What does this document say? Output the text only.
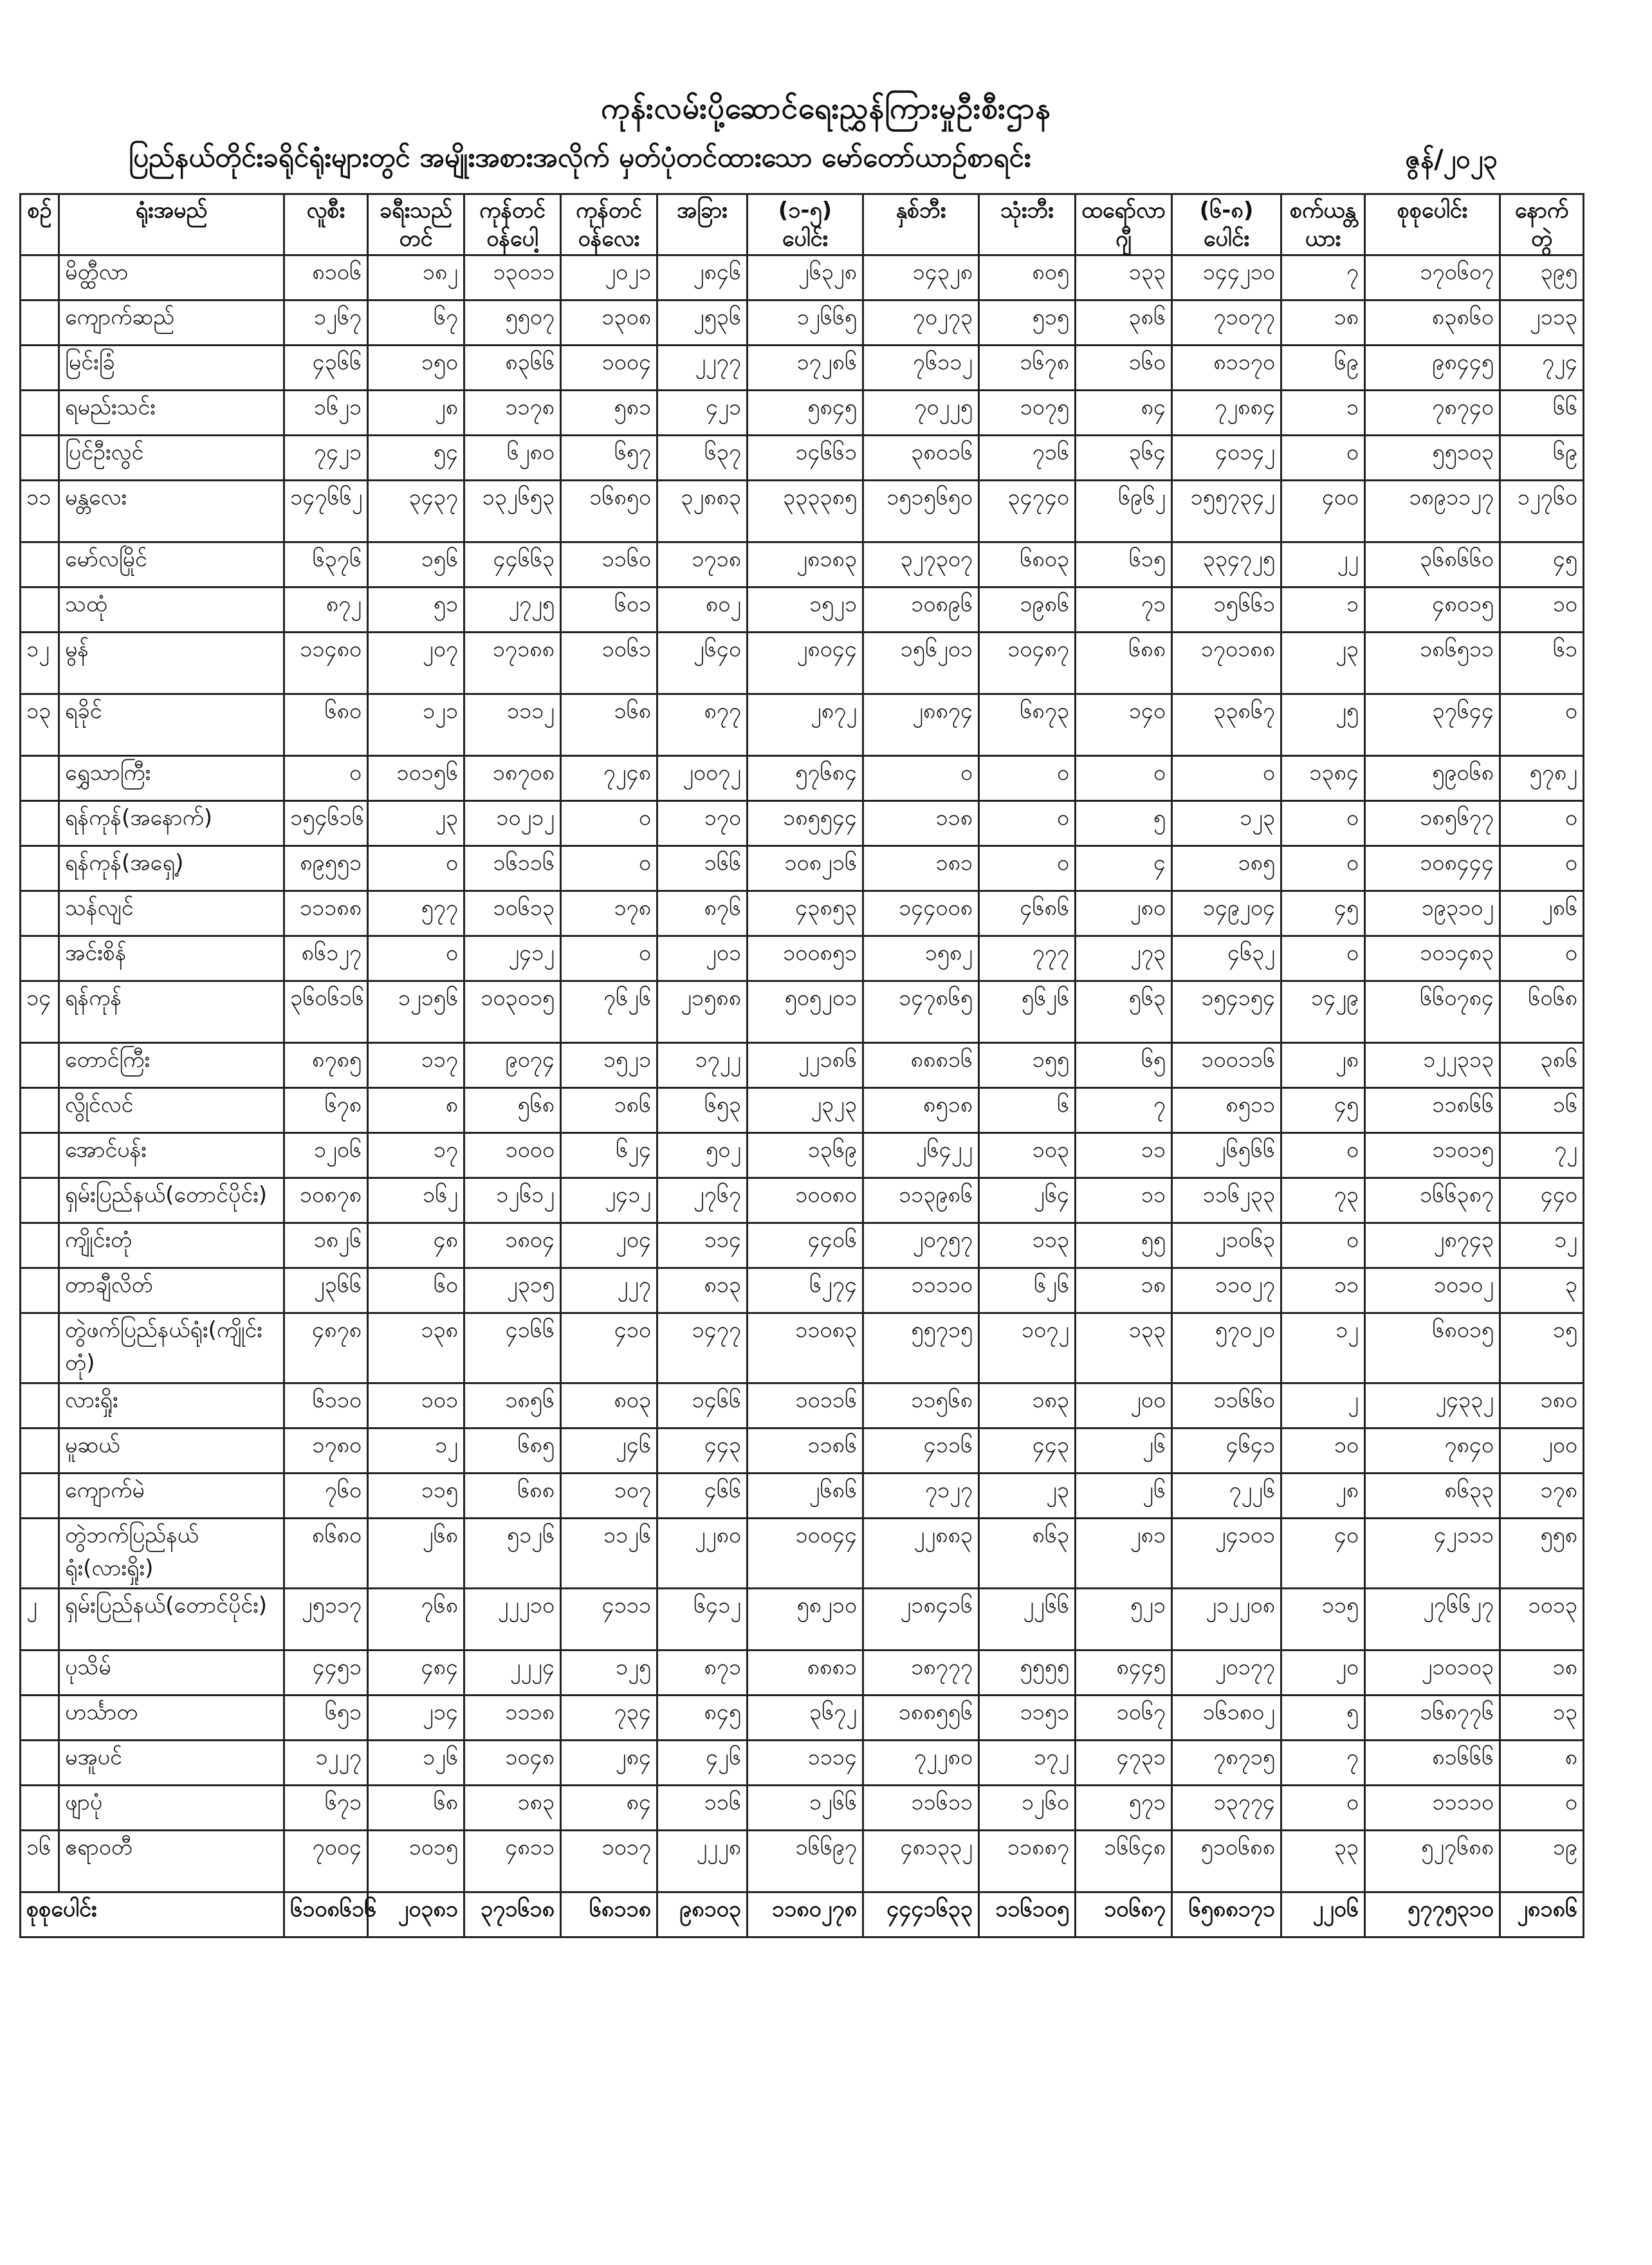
ကုန်းလမ်းပို့ဆောင်ရေးညွှန်ကြားမှုဦးစီးဌာန
ပြည်နယ်တိုင်းခရိုင်ရုံးများတွင် အမျိုးအစားအလိုက် မှတ်ပုံတင်ထားသော မော်တော်ယာဉ်စာရင်း	ဇွန်/၂၀၂၃
စဉ်	ရုံးအမည်	လူစီး	ခရီးသည်တင်	ကုန်တင်ဝန်ပေါ့	ကုန်တင်ဝန်လေး	အခြား	(၁-၅) ပေါင်း	နှစ်ဘီး	သုံးဘီး	ထရော်လာဂျီ	(၆-၈) ပေါင်း	စက်ယန္တယား	စုစုပေါင်း	နောက်တွဲ
	မိတ္ထီလာ	၈၁၀၆	၁၈၂	၁၃၀၁၁	၂၀၂၁	၂၈၄၆	၂၆၃၂၈	၁၄၃၂၈	၈၀၅	၁၃၃	၁၄၄၂၁၀	၇	၁၇၀၆၀၇	၃၉၅
	ကျောက်ဆည်	၁၂၆၇	၆၇	၅၅၀၇	၁၃၀၈	၂၅၃၆	၁၂၆၆၅	၇၀၂၇၃	၅၁၅	၃၈၆	၇၁၀၇၇	၁၈	၈၃၈၆၀	၂၁၁၃
	မြင်းခြံ	၄၃၆၆	၁၅၀	၈၃၆၆	၁၀၀၄	၂၂၇၇	၁၇၂၈၆	၇၆၁၁၂	၁၆၇၈	၁၆၀	၈၁၁၇၀	၆၉	၉၈၄၄၅	၇၂၄
	ရမည်းသင်း	၁၆၂၁	၂၈	၁၁၇၈	၅၈၁	၄၂၁	၅၈၄၅	၇၀၂၂၅	၁၀၇၅	၈၄	၇၂၈၈၄	၁	၇၈၇၄၀	၆၆
	ပြင်ဦးလွင်	၇၄၂၁	၅၄	၆၂၈၀	၆၅၇	၆၃၇	၁၄၆၆၁	၃၈၀၁၆	၇၁၆	၃၆၄	၄၀၁၄၂	၀	၅၅၁၀၃	၆၉
၁၁	မန္တလေး	၁၄၇၆၆၂	၃၄၃၇	၁၃၂၆၅၃	၁၆၈၅၀	၃၂၈၈၃	၃၃၃၃၈၅	၁၅၁၅၆၅၀	၃၄၇၄၀	၆၉၆၂	၁၅၅၇၃၄၂	၄၀၀	၁၈၉၁၁၂၇	၁၂၇၆၀
	မော်လမြိုင်	၆၃၇၆	၁၅၆	၄၄၆၆၃	၁၁၆၀	၁၇၁၈	၂၈၁၈၃	၃၂၇၃၀၇	၆၈၀၃	၆၁၅	၃၃၄၇၂၅	၂၂	၃၆၈၆၆၀	၄၅
	သထုံ	၈၇၂	၅၁	၂၇၂၅	၆၀၁	၈၀၂	၁၅၂၁	၁၀၈၉၆	၁၉၈၆	၇၁	၁၅၆၆၁	၁	၄၈၀၁၅	၁၀
၁၂	မွန်	၁၁၄၈၀	၂၀၇	၁၇၁၈၈	၁၀၆၁	၂၆၄၀	၂၈၀၄၄	၁၅၆၂၀၁	၁၀၄၈၇	၆၈၈	၁၇၀၁၈၈	၂၃	၁၈၆၅၁၁	၆၁
၁၃	ရခိုင်	၆၈၀	၁၂၁	၁၁၁၂	၁၆၈	၈၇၇	၂၈၇၂	၂၈၈၇၄	၆၈၇၃	၁၄၀	၃၃၈၆၇	၂၅	၃၇၆၄၄	၀
	ရွှေသာကြီး	၀	၁၀၁၅၆	၁၈၇၀၈	၇၂၄၈	၂၀၀၇၂	၅၇၆၈၄	၀	၀	၀	၀	၁၃၈၄	၅၉၀၆၈	၅၇၈၂
	ရန်ကုန်(အနောက်)	၁၅၄၆၁၆	၂၃	၁၀၂၁၂	၀	၁၇၀	၁၈၅၅၄၄	၁၁၈	၀	၅	၁၂၃	၀	၁၈၅၆၇၇	၀
	ရန်ကုန်(အရှေ့)	၈၉၅၅၁	၀	၁၆၁၁၆	၀	၁၆၆	၁၀၈၂၁၆	၁၈၁	၀	၄	၁၈၅	၀	၁၀၈၄၄၄	၀
	သန်လျင်	၁၁၁၈၈	၅၇၇	၁၀၆၁၃	၁၇၈	၈၇၆	၄၃၈၅၃	၁၄၄၀၀၈	၄၆၈၆	၂၈၀	၁၄၉၂၀၄	၄၅	၁၉၃၁၀၂	၂၈၆
	အင်းစိန်	၈၆၁၂၇	၀	၂၄၁၂	၀	၂၀၁	၁၀၀၈၅၁	၁၅၈၂	၇၇၇	၂၇၃	၄၆၃၂	၀	၁၀၁၄၈၃	၀
၁၄	ရန်ကုန်	၃၆၀၆၁၆	၁၂၁၅၆	၁၀၃၀၁၅	၇၆၂၆	၂၁၅၈၈	၅၀၅၂၀၁	၁၄၇၈၆၅	၅၆၂၆	၅၆၃	၁၅၄၁၅၄	၁၄၂၉	၆၆၀၇၈၄	၆၀၆၈
	တောင်ကြီး	၈၇၈၅	၁၁၇	၉၀၇၄	၁၅၂၁	၁၇၂၂	၂၂၁၈၆	၈၈၈၁၆	၁၅၅	၆၅	၁၀၀၁၁၆	၂၈	၁၂၂၃၁၃	၃၈၆
	လွိုင်လင်	၆၇၈	၈	၅၆၈	၁၈၆	၆၅၃	၂၃၂၃	၈၅၁၈	၆	၇	၈၅၁၁	၄၅	၁၁၈၆၆	၁၆
	အောင်ပန်း	၁၂၀၆	၁၇	၁၀၀၀	၆၂၄	၅၀၂	၁၃၆၉	၂၆၄၂၂	၁၀၃	၁၁	၂၆၅၆၆	၀	၁၁၀၁၅	၇၂
	ရှမ်းပြည်နယ်(တောင်ပိုင်း)	၁၀၈၇၈	၁၆၂	၁၂၆၁၂	၂၄၁၂	၂၇၆၇	၁၀၀၈၀	၁၁၃၉၈၆	၂၆၄	၁၁	၁၁၆၂၃၃	၇၃	၁၆၆၃၈၇	၄၄၀
	ကျိုင်းတုံ	၁၈၂၆	၄၈	၁၈၀၄	၂၀၄	၁၁၄	၄၄၀၆	၂၀၇၅၇	၁၁၃	၅၅	၂၁၀၆၃	၀	၂၈၇၄၃	၁၂
	တာချီလိတ်	၂၃၆၆	၆၀	၂၃၁၅	၂၂၇	၈၁၃	၆၂၇၄	၁၁၁၁၀	၆၂၆	၁၈	၁၁၀၂၇	၁၁	၁၀၁၀၂	၃
	တွဲဖက်ပြည်နယ်ရုံး(ကျိုင်းတုံ)	၄၈၇၈	၁၃၈	၄၁၆၆	၄၁၀	၁၄၇၇	၁၁၀၈၃	၅၅၇၁၅	၁၀၇၂	၁၃၃	၅၇၀၂၀	၁၂	၆၈၀၁၅	၁၅
	လားရှိုး	၆၁၁၀	၁၀၁	၁၈၅၆	၈၀၃	၁၄၆၆	၁၀၁၁၆	၁၁၅၆၈	၁၈၃	၂၀၀	၁၁၆၆၀	၂	၂၄၃၃၂	၁၈၀
	မူဆယ်	၁၇၈၀	၁၂	၆၈၅	၂၄၆	၄၄၃	၁၁၈၆	၄၁၁၆	၄၄၃	၂၆	၄၆၄၁	၁၀	၇၈၄၀	၂၀၀
	ကျောက်မဲ	၇၆၀	၁၁၅	၆၈၈	၁၀၇	၄၆၆	၂၆၈၆	၇၁၂၇	၂၃	၂၆	၇၂၂၆	၂၈	၈၆၃၃	၁၇၈
	တွဲဘက်ပြည်နယ်ရုံး(လားရှိုး)	၈၆၈၀	၂၆၈	၅၁၂၆	၁၁၂၆	၂၂၈၀	၁၀၀၄၄	၂၂၈၈၃	၈၆၃	၂၈၁	၂၄၁၀၁	၄၀	၄၂၁၁၁	၅၅၈
၂	ရှမ်းပြည်နယ်(တောင်ပိုင်း)	၂၅၁၁၇	၇၆၈	၂၂၂၁၀	၄၁၁၁	၆၄၁၂	၅၈၂၁၀	၂၁၈၄၁၆	၂၂၆၆	၅၂၁	၂၁၂၂၀၈	၁၁၅	၂၇၆၆၂၇	၁၀၁၃
	ပုသိမ်	၄၄၅၁	၄၈၄	၂၂၂၄	၁၂၅	၈၇၁	၈၈၈၁	၁၈၇၇၇	၅၅၅၅	၈၄၄၅	၂၀၁၇၇	၂၀	၂၁၀၁၀၃	၁၈
	ဟင်္သာတ	၆၅၁	၂၁၄	၁၁၁၈	၇၃၄	၈၄၅	၃၆၇၂	၁၈၈၅၅၆	၁၁၅၁	၁၀၆၇	၁၆၁၈၀၂	၅	၁၆၈၇၇၆	၁၃
	မအူပင်	၁၂၂၇	၁၂၆	၁၀၄၈	၂၈၄	၄၂၆	၁၁၁၄	၇၂၂၈၀	၁၇၂	၄၇၃၁	၇၈၇၁၅	၇	၈၁၆၆၆	၈
	ဖျာပုံ	၆၇၁	၆၈	၁၈၃	၈၄	၁၁၆	၁၂၆၆	၁၁၆၁၁	၁၂၆၀	၅၇၁	၁၃၇၇၄	၀	၁၁၁၁၀	၀
၁၆	ဧရာဝတီ	၇၀၀၄	၁၀၁၅	၄၈၁၁	၁၀၁၇	၂၂၂၈	၁၆၆၉၇	၄၈၁၃၃၂	၁၁၈၈၇	၁၆၆၄၈	၅၁၀၆၈၈	၃၃	၅၂၇၆၈၈	၁၉
စုစုပေါင်း		၆၁၀၈၆၁၆	၂၀၃၈၁	၃၇၁၆၁၈	၆၈၁၁၈	၉၈၁၀၃	၁၁၈၀၂၇၈	၄၄၄၁၆၃၃	၁၁၆၁၀၅	၁၀၆၈၇	၆၅၈၈၁၇၁	၂၂၀၆	၅၇၇၅၃၁၀	၂၈၁၈၆
